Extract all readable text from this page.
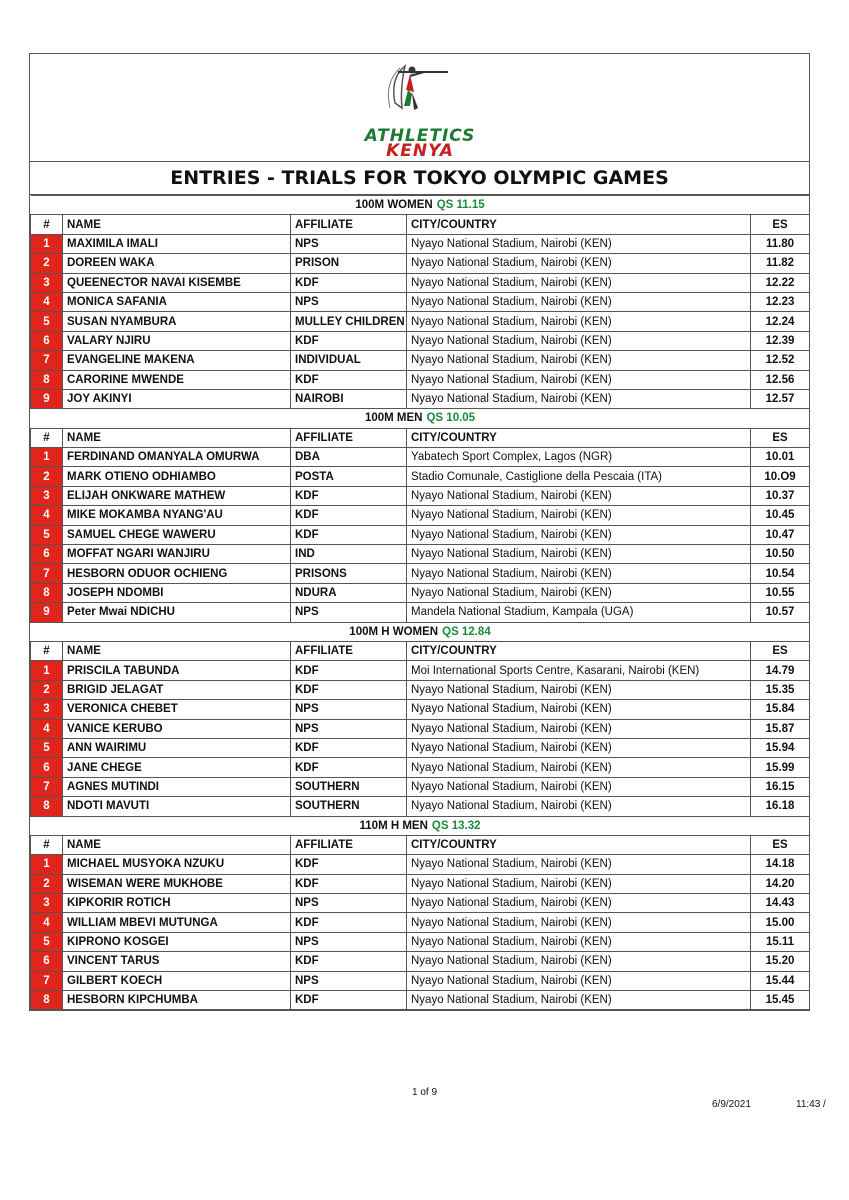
ATHLETICS
KENYA
ENTRIES - TRIALS FOR TOKYO OLYMPIC GAMES
100M WOMEN QS 11.15				
#	NAME	AFFILIATE	CITY/COUNTRY	ES
1	MAXIMILA IMALI	NPS	Nyayo National Stadium, Nairobi (KEN)	11.80
2	DOREEN WAKA	PRISON	Nyayo National Stadium, Nairobi (KEN)	11.82
3	QUEENECTOR NAVAI KISEMBE	KDF	Nyayo National Stadium, Nairobi (KEN)	12.22
4	MONICA SAFANIA	NPS	Nyayo National Stadium, Nairobi (KEN)	12.23
5	SUSAN NYAMBURA	MULLEY CHILDREN	Nyayo National Stadium, Nairobi (KEN)	12.24
6	VALARY NJIRU	KDF	Nyayo National Stadium, Nairobi (KEN)	12.39
7	EVANGELINE MAKENA	INDIVIDUAL	Nyayo National Stadium, Nairobi (KEN)	12.52
8	CARORINE MWENDE	KDF	Nyayo National Stadium, Nairobi (KEN)	12.56
9	JOY AKINYI	NAIROBI	Nyayo National Stadium, Nairobi (KEN)	12.57
100M MEN QS 10.05				
#	NAME	AFFILIATE	CITY/COUNTRY	ES
1	FERDINAND OMANYALA OMURWA	DBA	Yabatech Sport Complex, Lagos (NGR)	10.01
2	MARK OTIENO ODHIAMBO	POSTA	Stadio Comunale, Castiglione della Pescaia (ITA)	10.O9
3	ELIJAH ONKWARE MATHEW	KDF	Nyayo National Stadium, Nairobi (KEN)	10.37
4	MIKE MOKAMBA NYANG'AU	KDF	Nyayo National Stadium, Nairobi (KEN)	10.45
5	SAMUEL CHEGE WAWERU	KDF	Nyayo National Stadium, Nairobi (KEN)	10.47
6	MOFFAT NGARI WANJIRU	IND	Nyayo National Stadium, Nairobi (KEN)	10.50
7	HESBORN ODUOR OCHIENG	PRISONS	Nyayo National Stadium, Nairobi (KEN)	10.54
8	JOSEPH NDOMBI	NDURA	Nyayo National Stadium, Nairobi (KEN)	10.55
9	Peter Mwai NDICHU	NPS	Mandela National Stadium, Kampala (UGA)	10.57
100M H WOMEN QS 12.84				
#	NAME	AFFILIATE	CITY/COUNTRY	ES
1	PRISCILA TABUNDA	KDF	Moi International Sports Centre, Kasarani, Nairobi (KEN)	14.79
2	BRIGID JELAGAT	KDF	Nyayo National Stadium, Nairobi (KEN)	15.35
3	VERONICA CHEBET	NPS	Nyayo National Stadium, Nairobi (KEN)	15.84
4	VANICE KERUBO	NPS	Nyayo National Stadium, Nairobi (KEN)	15.87
5	ANN WAIRIMU	KDF	Nyayo National Stadium, Nairobi (KEN)	15.94
6	JANE CHEGE	KDF	Nyayo National Stadium, Nairobi (KEN)	15.99
7	AGNES MUTINDI	SOUTHERN	Nyayo National Stadium, Nairobi (KEN)	16.15
8	NDOTI MAVUTI	SOUTHERN	Nyayo National Stadium, Nairobi (KEN)	16.18
110M H MEN QS 13.32				
#	NAME	AFFILIATE	CITY/COUNTRY	ES
1	MICHAEL MUSYOKA NZUKU	KDF	Nyayo National Stadium, Nairobi (KEN)	14.18
2	WISEMAN WERE MUKHOBE	KDF	Nyayo National Stadium, Nairobi (KEN)	14.20
3	KIPKORIR ROTICH	NPS	Nyayo National Stadium, Nairobi (KEN)	14.43
4	WILLIAM MBEVI MUTUNGA	KDF	Nyayo National Stadium, Nairobi (KEN)	15.00
5	KIPRONO KOSGEI	NPS	Nyayo National Stadium, Nairobi (KEN)	15.11
6	VINCENT TARUS	KDF	Nyayo National Stadium, Nairobi (KEN)	15.20
7	GILBERT KOECH	NPS	Nyayo National Stadium, Nairobi (KEN)	15.44
8	HESBORN KIPCHUMBA	KDF	Nyayo National Stadium, Nairobi (KEN)	15.45
1 of 9
6/9/2021	11:43 /
